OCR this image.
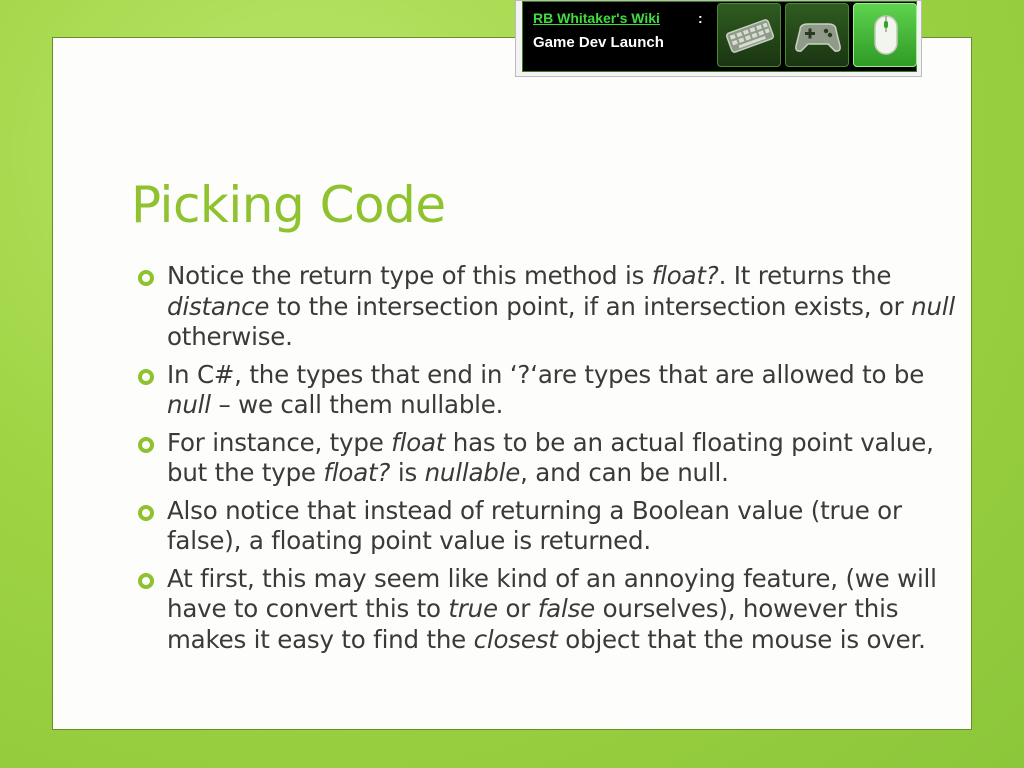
Picking Code
Notice the return type of this method is float?. It returns the distance to the intersection point, if an intersection exists, or null otherwise.
In C#, the types that end in ‘?‘are types that are allowed to be null – we call them nullable.
For instance, type float has to be an actual floating point value, but the type float? is nullable, and can be null.
Also notice that instead of returning a Boolean value (true or false), a floating point value is returned.
At first, this may seem like kind of an annoying feature, (we will have to convert this to true or false ourselves), however this makes it easy to find the closest object that the mouse is over.
RB Whitaker's Wiki	:
Game Dev Launch
